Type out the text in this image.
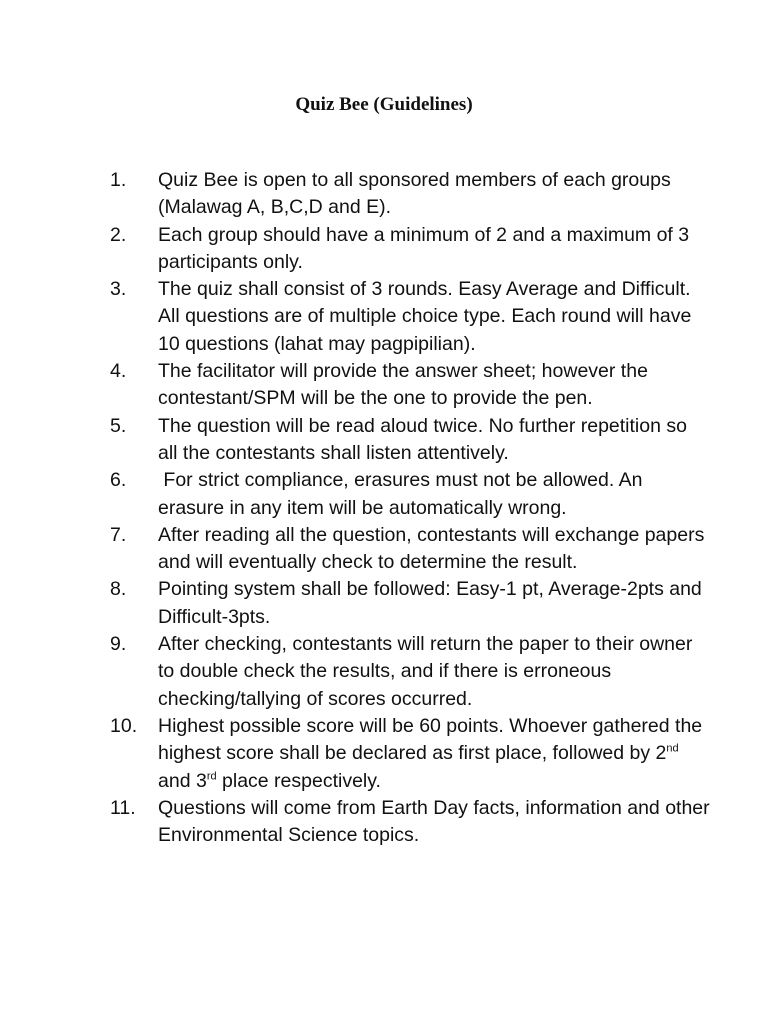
Quiz Bee (Guidelines)
1.	Quiz Bee is open to all sponsored members of each groups (Malawag A, B,C,D and E).
2.	Each group should have a minimum of 2 and a maximum of 3 participants only.
3.	The quiz shall consist of 3 rounds. Easy Average and Difficult. All questions are of multiple choice type. Each round will have 10 questions (lahat may pagpipilian).
4.	The facilitator will provide the answer sheet; however the contestant/SPM will be the one to provide the pen.
5.	The question will be read aloud twice. No further repetition so all the contestants shall listen attentively.
6.	For strict compliance, erasures must not be allowed. An erasure in any item will be automatically wrong.
7.	After reading all the question, contestants will exchange papers and will eventually check to determine the result.
8.	Pointing system shall be followed: Easy-1 pt, Average-2pts and Difficult-3pts.
9.	After checking, contestants will return the paper to their owner to double check the results, and if there is erroneous checking/tallying of scores occurred.
10.	Highest possible score will be 60 points. Whoever gathered the highest score shall be declared as first place, followed by 2nd and 3rd place respectively.
11.	Questions will come from Earth Day facts, information and other Environmental Science topics.
